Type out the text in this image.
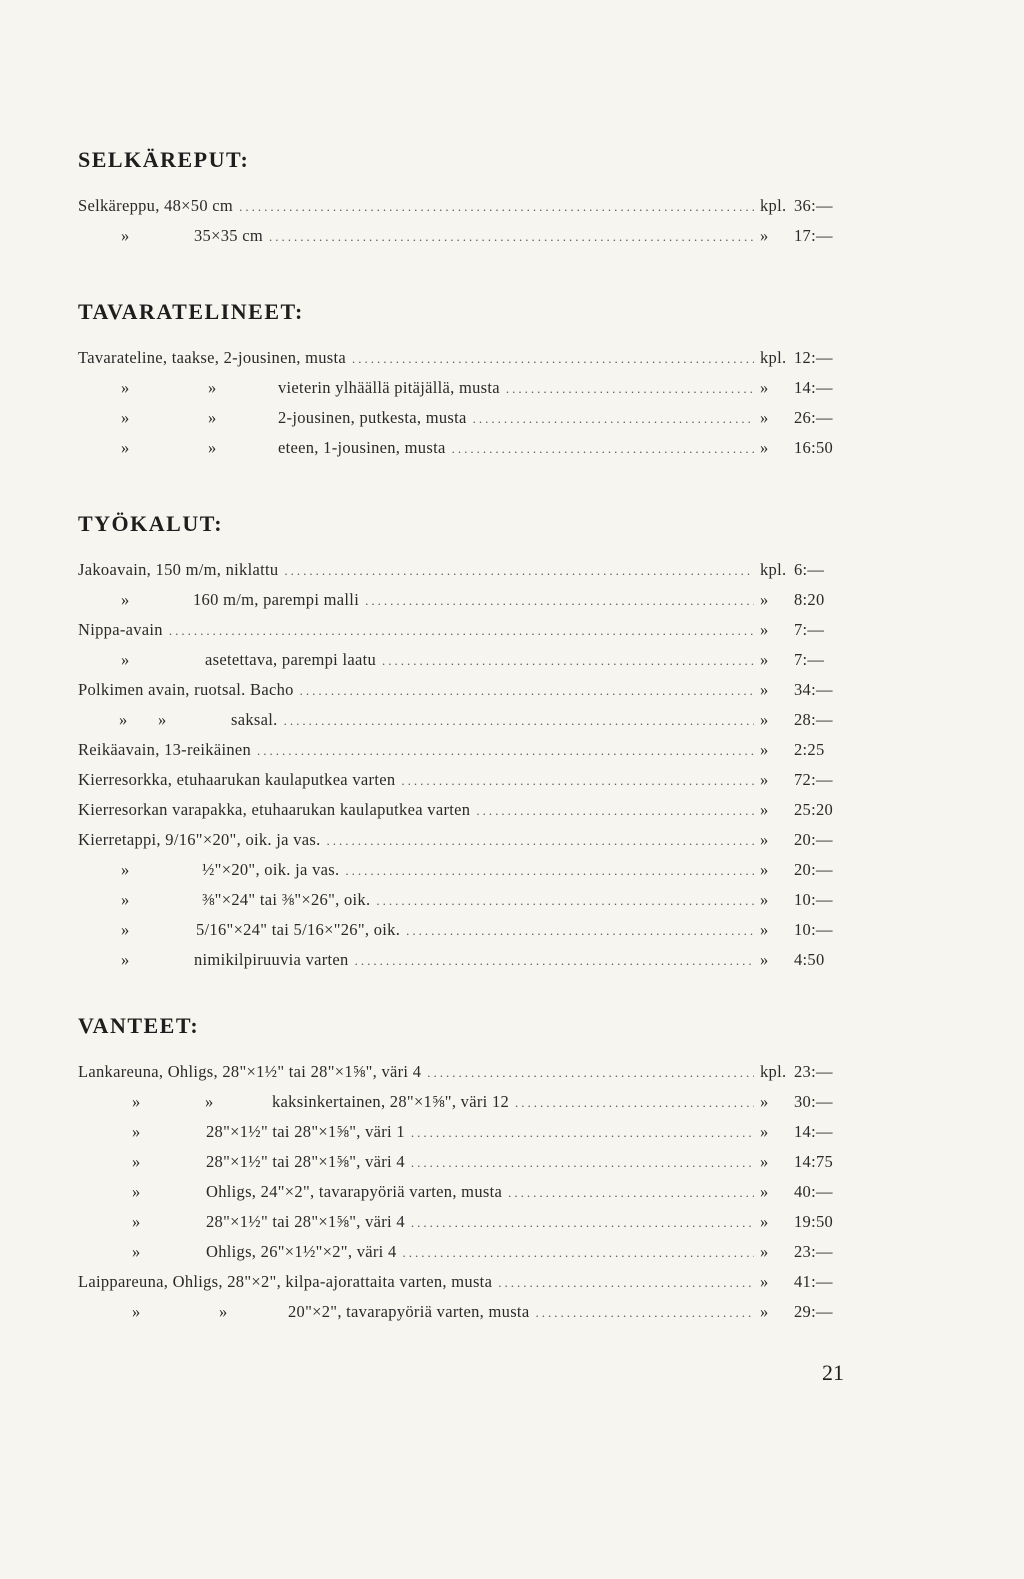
SELKÄREPUT:
Selkäreppu, 48×50 cm .....	kpl. 36:—
»	35×35 cm .....	»	17:—
TAVARATELINEET:
Tavarateline, taakse, 2-jousinen, musta .....	kpl. 12:—
» »	vieterin ylhäällä pitäjällä, musta .....	»	14:—
» »	2-jousinen, putkesta, musta .....	»	26:—
» »	eteen, 1-jousinen, musta .....	»	16:50
TYÖKALUT:
Jakoavain, 150 m/m, niklattu .....	kpl. 6:—
»	160 m/m, parempi malli .....	»	8:20
Nippa-avain .....	»	7:—
»	asetettava, parempi laatu .....	»	7:—
Polkimen avain, ruotsal. Bacho .....	»	34:—
» »	saksal. .....	»	28:—
Reikäavain, 13-reikäinen .....	»	2:25
Kierresorkka, etuhaarukan kaulaputkea varten .....	»	72:—
Kierresorkan varapakka, etuhaarukan kaulaputkea varten .....	»	25:20
Kierretappi, 9/16"×20", oik. ja vas. .....	»	20:—
»	½"×20", oik. ja vas. .....	»	20:—
»	⅜"×24" tai ⅜"×26", oik. .....	»	10:—
»	5/16"×24" tai 5/16×"26", oik. .....	»	10:—
»	nimikilpiruuvia varten .....	»	4:50
VANTEET:
Lankareuna, Ohligs, 28"×1½" tai 28"×1⅝", väri 4 .....	kpl. 23:—
» »	kaksinkertainen, 28"×1⅝", väri 12 .....	»	30:—
»	28"×1½" tai 28"×1⅝", väri 1 .....	»	14:—
»	28"×1½" tai 28"×1⅝", väri 4 .....	»	14:75
»	Ohligs, 24"×2", tavarapyöriä varten, musta .....	»	40:—
»	28"×1½" tai 28"×1⅝", väri 4 .....	»	19:50
»	Ohligs, 26"×1½"×2", väri 4 .....	»	23:—
Laippareuna, Ohligs, 28"×2", kilpa-ajorattaita varten, musta .....	»	41:—
» »	20"×2", tavarapyöriä varten, musta .....	»	29:—
21
